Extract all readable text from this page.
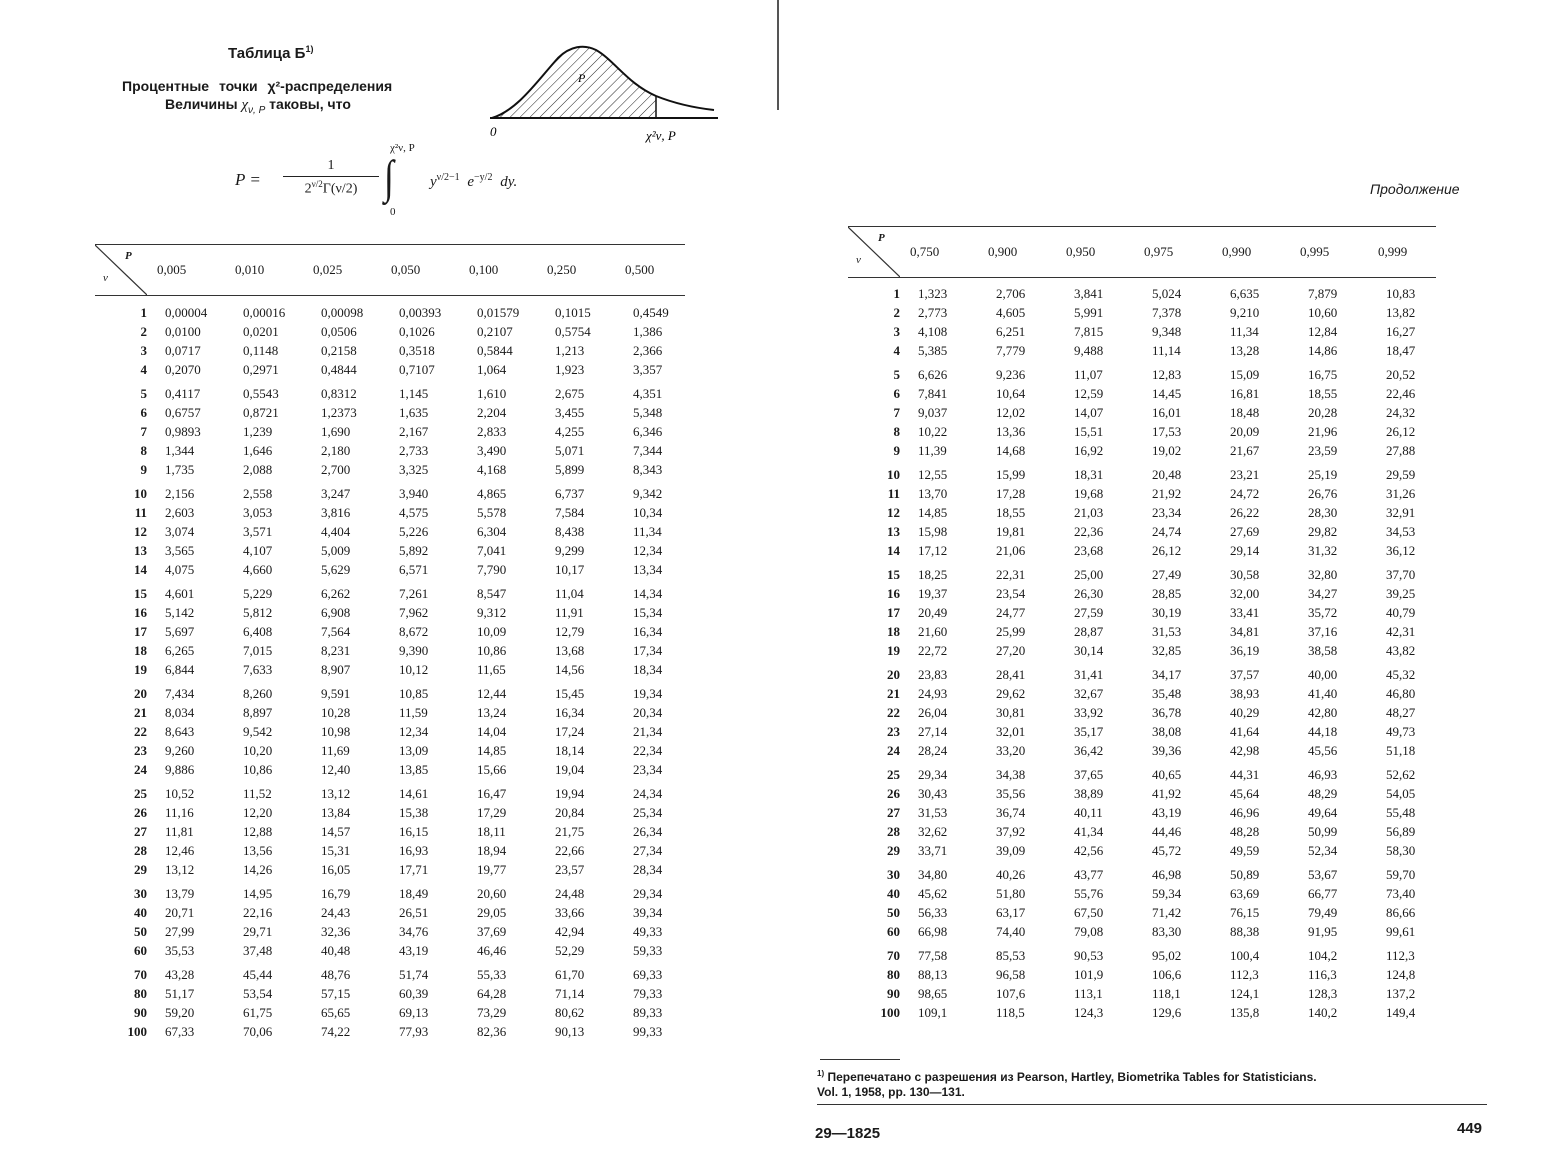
Таблица $Б^{1)}$
Процентные точки χ²-распределения
Величины $\chi_{\nu, P}$ таковы, что
P
0	χ²ν, P
$P = \frac{1}{2^{\nu/2}\Gamma(\nu/2)}$ ∫
χ²ν, P
0
$y^{\nu/2-1}$ $e^{-y/2}$ dy.
P
ν
0,005	0,010	0,025	0,050	0,100	0,250	0,500
1	0,00004	0,00016	0,00098	0,00393	0,01579	0,1015	0,4549
2	0,0100	0,0201	0,0506	0,1026	0,2107	0,5754	1,386
3	0,0717	0,1148	0,2158	0,3518	0,5844	1,213	2,366
4	0,2070	0,2971	0,4844	0,7107	1,064	1,923	3,357
5	0,4117	0,5543	0,8312	1,145	1,610	2,675	4,351
6	0,6757	0,8721	1,2373	1,635	2,204	3,455	5,348
7	0,9893	1,239	1,690	2,167	2,833	4,255	6,346
8	1,344	1,646	2,180	2,733	3,490	5,071	7,344
9	1,735	2,088	2,700	3,325	4,168	5,899	8,343
10	2,156	2,558	3,247	3,940	4,865	6,737	9,342
11	2,603	3,053	3,816	4,575	5,578	7,584	10,34
12	3,074	3,571	4,404	5,226	6,304	8,438	11,34
13	3,565	4,107	5,009	5,892	7,041	9,299	12,34
14	4,075	4,660	5,629	6,571	7,790	10,17	13,34
15	4,601	5,229	6,262	7,261	8,547	11,04	14,34
16	5,142	5,812	6,908	7,962	9,312	11,91	15,34
17	5,697	6,408	7,564	8,672	10,09	12,79	16,34
18	6,265	7,015	8,231	9,390	10,86	13,68	17,34
19	6,844	7,633	8,907	10,12	11,65	14,56	18,34
20	7,434	8,260	9,591	10,85	12,44	15,45	19,34
21	8,034	8,897	10,28	11,59	13,24	16,34	20,34
22	8,643	9,542	10,98	12,34	14,04	17,24	21,34
23	9,260	10,20	11,69	13,09	14,85	18,14	22,34
24	9,886	10,86	12,40	13,85	15,66	19,04	23,34
25	10,52	11,52	13,12	14,61	16,47	19,94	24,34
26	11,16	12,20	13,84	15,38	17,29	20,84	25,34
27	11,81	12,88	14,57	16,15	18,11	21,75	26,34
28	12,46	13,56	15,31	16,93	18,94	22,66	27,34
29	13,12	14,26	16,05	17,71	19,77	23,57	28,34
30	13,79	14,95	16,79	18,49	20,60	24,48	29,34
40	20,71	22,16	24,43	26,51	29,05	33,66	39,34
50	27,99	29,71	32,36	34,76	37,69	42,94	49,33
60	35,53	37,48	40,48	43,19	46,46	52,29	59,33
70	43,28	45,44	48,76	51,74	55,33	61,70	69,33
80	51,17	53,54	57,15	60,39	64,28	71,14	79,33
90	59,20	61,75	65,65	69,13	73,29	80,62	89,33
100	67,33	70,06	74,22	77,93	82,36	90,13	99,33
Продолжение
P
ν
0,750	0,900	0,950	0,975	0,990	0,995	0,999
1	1,323	2,706	3,841	5,024	6,635	7,879	10,83
2	2,773	4,605	5,991	7,378	9,210	10,60	13,82
3	4,108	6,251	7,815	9,348	11,34	12,84	16,27
4	5,385	7,779	9,488	11,14	13,28	14,86	18,47
5	6,626	9,236	11,07	12,83	15,09	16,75	20,52
6	7,841	10,64	12,59	14,45	16,81	18,55	22,46
7	9,037	12,02	14,07	16,01	18,48	20,28	24,32
8	10,22	13,36	15,51	17,53	20,09	21,96	26,12
9	11,39	14,68	16,92	19,02	21,67	23,59	27,88
10	12,55	15,99	18,31	20,48	23,21	25,19	29,59
11	13,70	17,28	19,68	21,92	24,72	26,76	31,26
12	14,85	18,55	21,03	23,34	26,22	28,30	32,91
13	15,98	19,81	22,36	24,74	27,69	29,82	34,53
14	17,12	21,06	23,68	26,12	29,14	31,32	36,12
15	18,25	22,31	25,00	27,49	30,58	32,80	37,70
16	19,37	23,54	26,30	28,85	32,00	34,27	39,25
17	20,49	24,77	27,59	30,19	33,41	35,72	40,79
18	21,60	25,99	28,87	31,53	34,81	37,16	42,31
19	22,72	27,20	30,14	32,85	36,19	38,58	43,82
20	23,83	28,41	31,41	34,17	37,57	40,00	45,32
21	24,93	29,62	32,67	35,48	38,93	41,40	46,80
22	26,04	30,81	33,92	36,78	40,29	42,80	48,27
23	27,14	32,01	35,17	38,08	41,64	44,18	49,73
24	28,24	33,20	36,42	39,36	42,98	45,56	51,18
25	29,34	34,38	37,65	40,65	44,31	46,93	52,62
26	30,43	35,56	38,89	41,92	45,64	48,29	54,05
27	31,53	36,74	40,11	43,19	46,96	49,64	55,48
28	32,62	37,92	41,34	44,46	48,28	50,99	56,89
29	33,71	39,09	42,56	45,72	49,59	52,34	58,30
30	34,80	40,26	43,77	46,98	50,89	53,67	59,70
40	45,62	51,80	55,76	59,34	63,69	66,77	73,40
50	56,33	63,17	67,50	71,42	76,15	79,49	86,66
60	66,98	74,40	79,08	83,30	88,38	91,95	99,61
70	77,58	85,53	90,53	95,02	100,4	104,2	112,3
80	88,13	96,58	101,9	106,6	112,3	116,3	124,8
90	98,65	107,6	113,1	118,1	124,1	128,3	137,2
100	109,1	118,5	124,3	129,6	135,8	140,2	149,4
$^{1)}$ Перепечатано с разрешения из Pearson, Hartley, Biometrika Tables for Statisticians.
Vol. 1, 1958, pp. 130—131.
29—1825	449
